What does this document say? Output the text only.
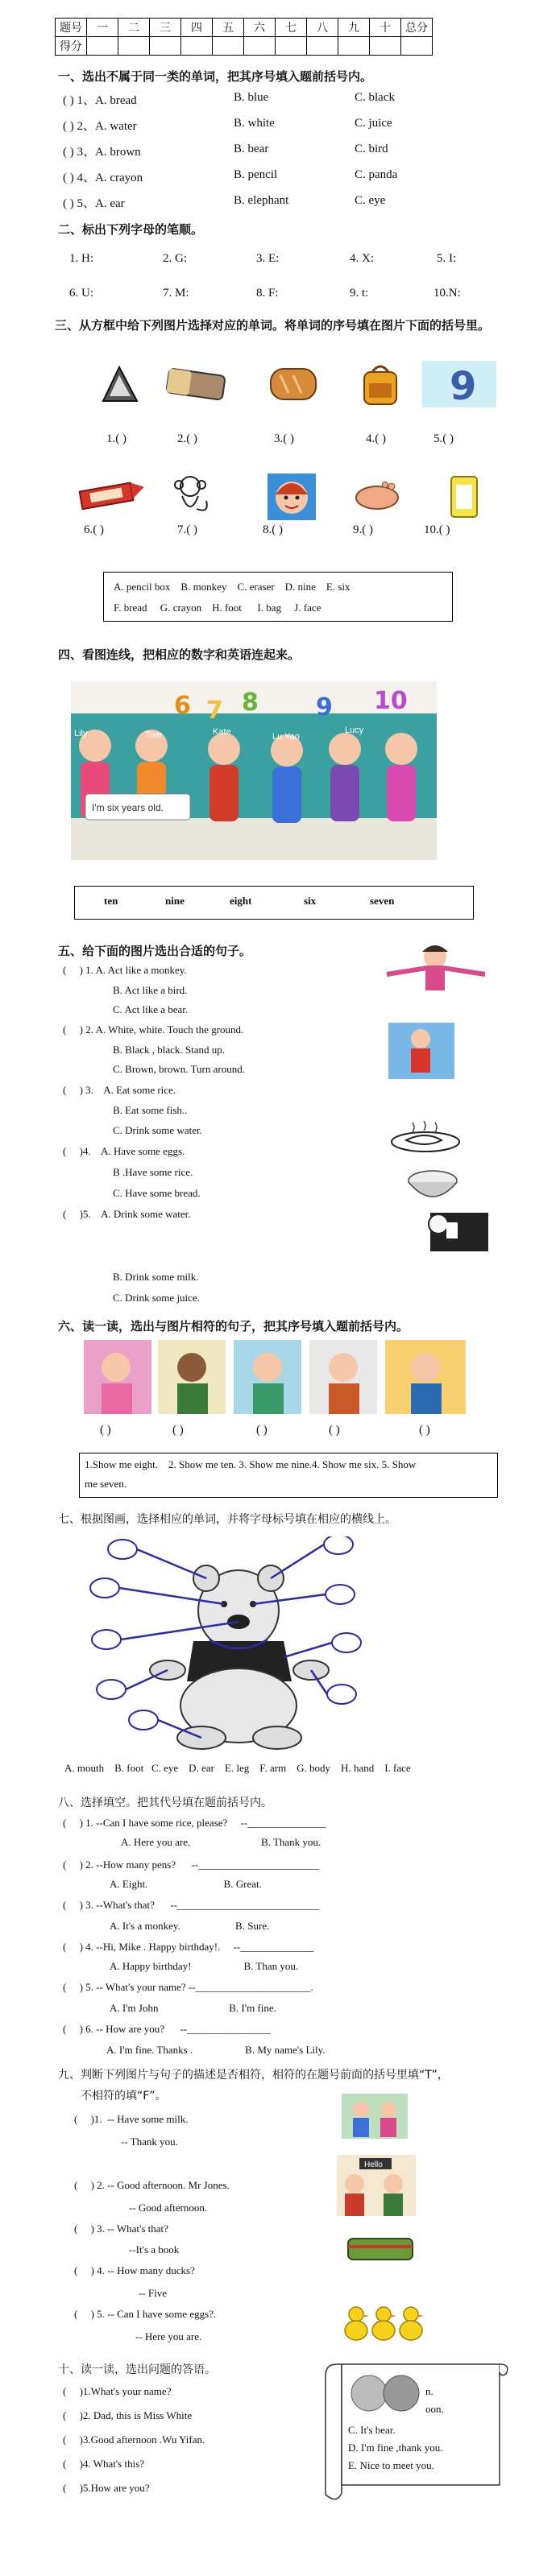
题号	一	二	三	四	五	六	七	八	九	十	总分
得分											
一、选出不属于同一类的单词，把其序号填入题前括号内。
( ) 1、A. bread	B. blue	C. black
( ) 2、A. water	B. white	C. juice
( ) 3、A. brown	B. bear	C. bird
( ) 4、A. crayon	B. pencil	C. panda
( ) 5、A. ear	B. elephant	C. eye
二、标出下列字母的笔顺。
1. H:	2. G:	3. E:	4. X:	5. I:
6. U:	7. M:	8. F:	9. t:	10.N:
三、从方框中给下列图片选择对应的单词。将单词的序号填在图片下面的括号里。
9
1.( )	2.( )	3.( )	4.( )	5.( )
6.( )	7.( )	8.( )	9.( )	10.( )
A. pencil box    B. monkey    C. eraser    D. nine    E. six
F. bread     G. crayon    H. foot      I. bag     J. face
四、看图连线，把相应的数字和英语连起来。
6 7 8 9 10
Lily	Tom	Kate	Lu Yao
Lucy
I'm six years old.
ten	nine	eight	six	seven
五、给下面的图片选出合适的句子。
(     ) 1. A. Act like a monkey.
B. Act like a bird.
C. Act like a bear.
(     ) 2. A. White, white. Touch the ground.
B. Black , black. Stand up.
C. Brown, brown. Turn around.
(     ) 3.    A. Eat some rice.
B. Eat some fish..
C. Drink some water.
(     )4.    A. Have some eggs.
B .Have some rice.
C. Have some bread.
(     )5.    A. Drink some water.
B. Drink some milk.
C. Drink some juice.
六、读一读，选出与图片相符的句子，把其序号填入题前括号内。
( )	( )	( )	( )	( )
1.Show me eight.    2. Show me ten. 3. Show me nine.4. Show me six. 5. Show
me seven.
七、根据图画，选择相应的单词，并将字母标号填在相应的横线上。
A. mouth    B. foot   C. eye    D. ear    E. leg    F. arm    G. body    H. hand    I. face
八、选择填空。把其代号填在题前括号内。
(     ) 1. --Can I have some rice, please?     --_______________
A. Here you are.                           B. Thank you.
(     ) 2. --How many pens?      --_______________________
A. Eight.                             B. Great.
(     ) 3. --What's that?      --___________________________
A. It's a monkey.                     B. Sure.
(     ) 4. --Hi, Mike . Happy birthday!.     --______________
A. Happy birthday!                    B. Than you.
(     ) 5. -- What's your name? --______________________.
A. I'm John                           B. I'm fine.
(     ) 6. -- How are you?      --________________
A. I'm fine. Thanks .                    B. My name's Lily.
九、判断下列图片与句子的描述是否相符，相符的在题号前面的括号里填“T”，
不相符的填“F”。
(     )1.  -- Have some milk.
-- Thank you.
(     ) 2. -- Good afternoon. Mr Jones.
-- Good afternoon.
(     ) 3. -- What's that?
--It's a book
(     ) 4. -- How many ducks?
-- Five
(     ) 5. -- Can I have some eggs?.
-- Here you are.
Hello
十、读一读，选出问题的答语。
(     )1.What's your name?
(     )2. Dad, this is Miss White
(     )3.Good afternoon .Wu Yifan.
(     )4. What's this?
(     )5.How are you?
n.
oon.
C. It's bear.
D. I'm fine ,thank you.
E. Nice to meet you.
